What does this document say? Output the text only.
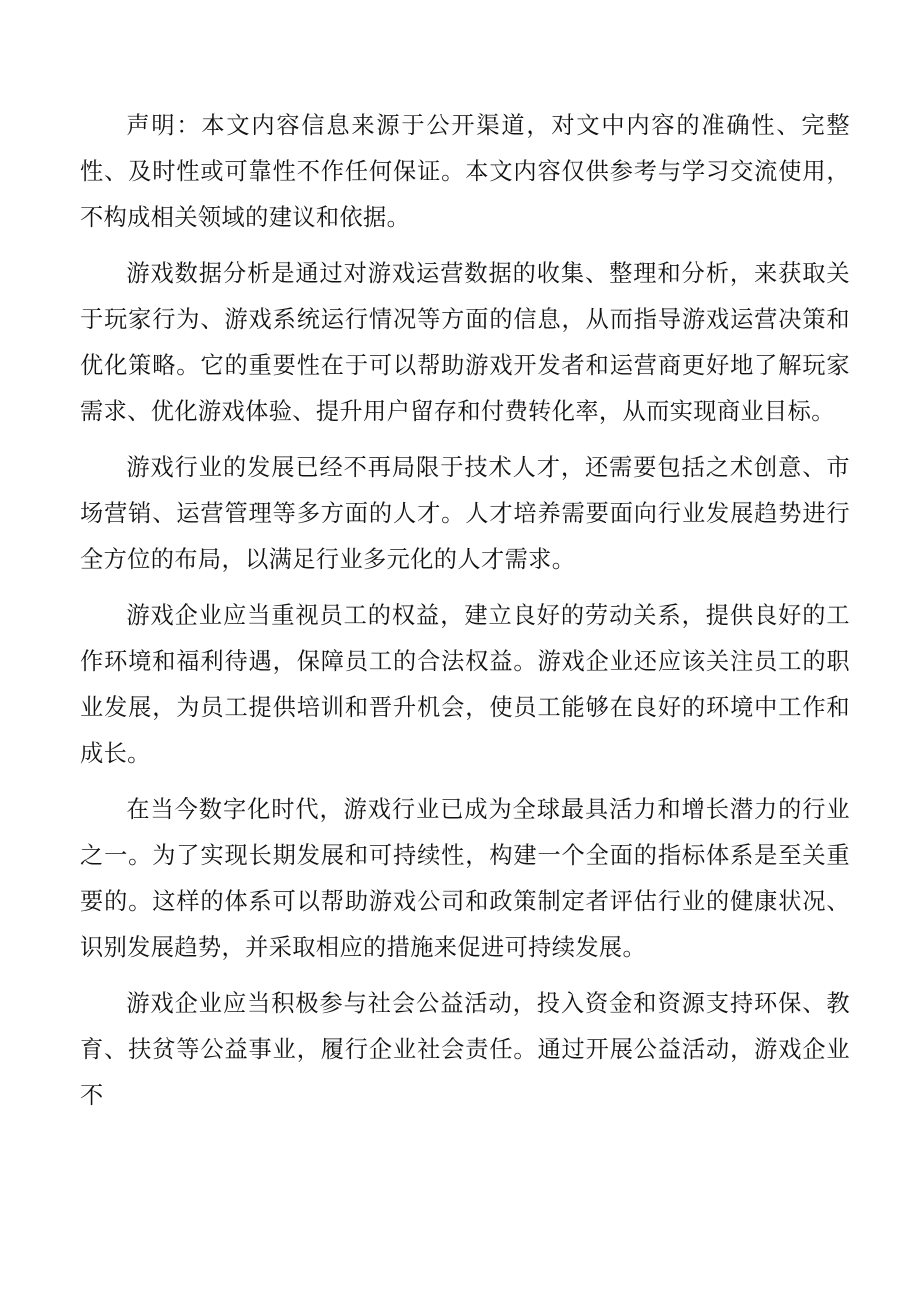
声明：本文内容信息来源于公开渠道，对文中内容的准确性、完整性、及时性或可靠性不作任何保证。本文内容仅供参考与学习交流使用，不构成相关领域的建议和依据。

游戏数据分析是通过对游戏运营数据的收集、整理和分析，来获取关于玩家行为、游戏系统运行情况等方面的信息，从而指导游戏运营决策和优化策略。它的重要性在于可以帮助游戏开发者和运营商更好地了解玩家需求、优化游戏体验、提升用户留存和付费转化率，从而实现商业目标。

游戏行业的发展已经不再局限于技术人才，还需要包括之术创意、市场营销、运营管理等多方面的人才。人才培养需要面向行业发展趋势进行全方位的布局，以满足行业多元化的人才需求。

游戏企业应当重视员工的权益，建立良好的劳动关系，提供良好的工作环境和福利待遇，保障员工的合法权益。游戏企业还应该关注员工的职业发展，为员工提供培训和晋升机会，使员工能够在良好的环境中工作和成长。

在当今数字化时代，游戏行业已成为全球最具活力和增长潜力的行业之一。为了实现长期发展和可持续性，构建一个全面的指标体系是至关重要的。这样的体系可以帮助游戏公司和政策制定者评估行业的健康状况、识别发展趋势，并采取相应的措施来促进可持续发展。

游戏企业应当积极参与社会公益活动，投入资金和资源支持环保、教育、扶贫等公益事业，履行企业社会责任。通过开展公益活动，游戏企业不
